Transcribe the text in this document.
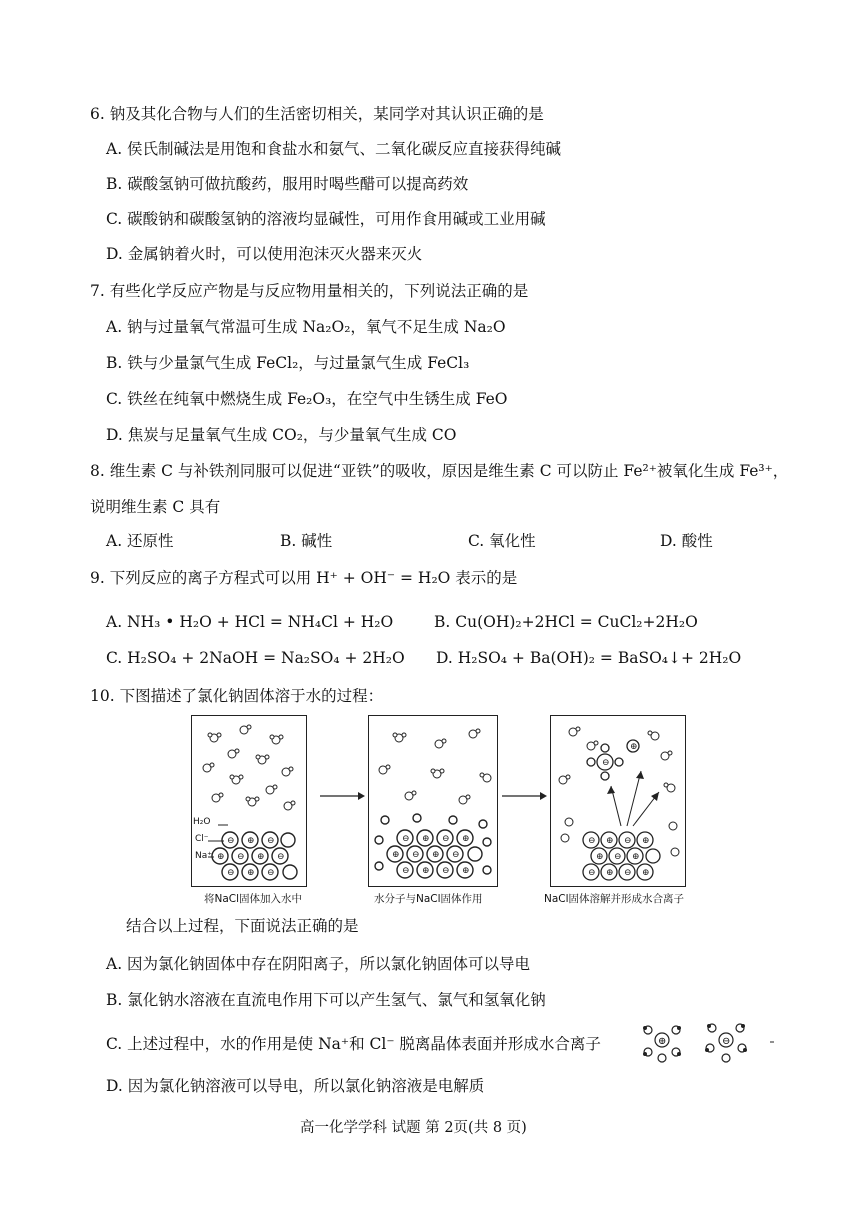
6. 钠及其化合物与人们的生活密切相关，某同学对其认识正确的是
A. 侯氏制碱法是用饱和食盐水和氨气、二氧化碳反应直接获得纯碱
B. 碳酸氢钠可做抗酸药，服用时喝些醋可以提高药效
C. 碳酸钠和碳酸氢钠的溶液均显碱性，可用作食用碱或工业用碱
D. 金属钠着火时，可以使用泡沫灭火器来灭火
7. 有些化学反应产物是与反应物用量相关的，下列说法正确的是
A. 钠与过量氧气常温可生成 Na₂O₂，氧气不足生成 Na₂O
B. 铁与少量氯气生成 FeCl₂，与过量氯气生成 FeCl₃
C. 铁丝在纯氧中燃烧生成 Fe₂O₃，在空气中生锈生成 FeO
D. 焦炭与足量氧气生成 CO₂，与少量氧气生成 CO
8. 维生素 C 与补铁剂同服可以促进“亚铁”的吸收，原因是维生素 C 可以防止 Fe²⁺被氧化生成 Fe³⁺，
说明维生素 C 具有
A. 还原性	B. 碱性	C. 氧化性	D. 酸性
9. 下列反应的离子方程式可以用 H⁺ + OH⁻ = H₂O 表示的是
A. NH₃ • H₂O + HCl = NH₄Cl + H₂O	B. Cu(OH)₂+2HCl = CuCl₂+2H₂O
C. H₂SO₄ + 2NaOH = Na₂SO₄ + 2H₂O D. H₂SO₄ + Ba(OH)₂ = BaSO₄↓+ 2H₂O
10. 下图描述了氯化钠固体溶于水的过程：
⊖ ⊕ ⊖
⊕ ⊖ ⊕ ⊖
⊖ ⊕ ⊖
H₂O
Cl⁻
Na⁺
⊖ ⊕ ⊖ ⊕
⊕ ⊖ ⊕ ⊖
⊖ ⊕ ⊖ ⊕
⊖
⊕
⊖ ⊕ ⊖ ⊕
⊕ ⊖ ⊕
⊖ ⊕ ⊖ ⊕
将NaCl固体加入水中	水分子与NaCl固体作用	NaCl固体溶解并形成水合离子
结合以上过程，下面说法正确的是
A. 因为氯化钠固体中存在阴阳离子，所以氯化钠固体可以导电
B. 氯化钠水溶液在直流电作用下可以产生氢气、氯气和氢氧化钠
C. 上述过程中，水的作用是使 Na⁺和 Cl⁻ 脱离晶体表面并形成水合离子	⊕	⊖
D. 因为氯化钠溶液可以导电，所以氯化钠溶液是电解质
高一化学学科 试题 第 2页(共 8 页)
